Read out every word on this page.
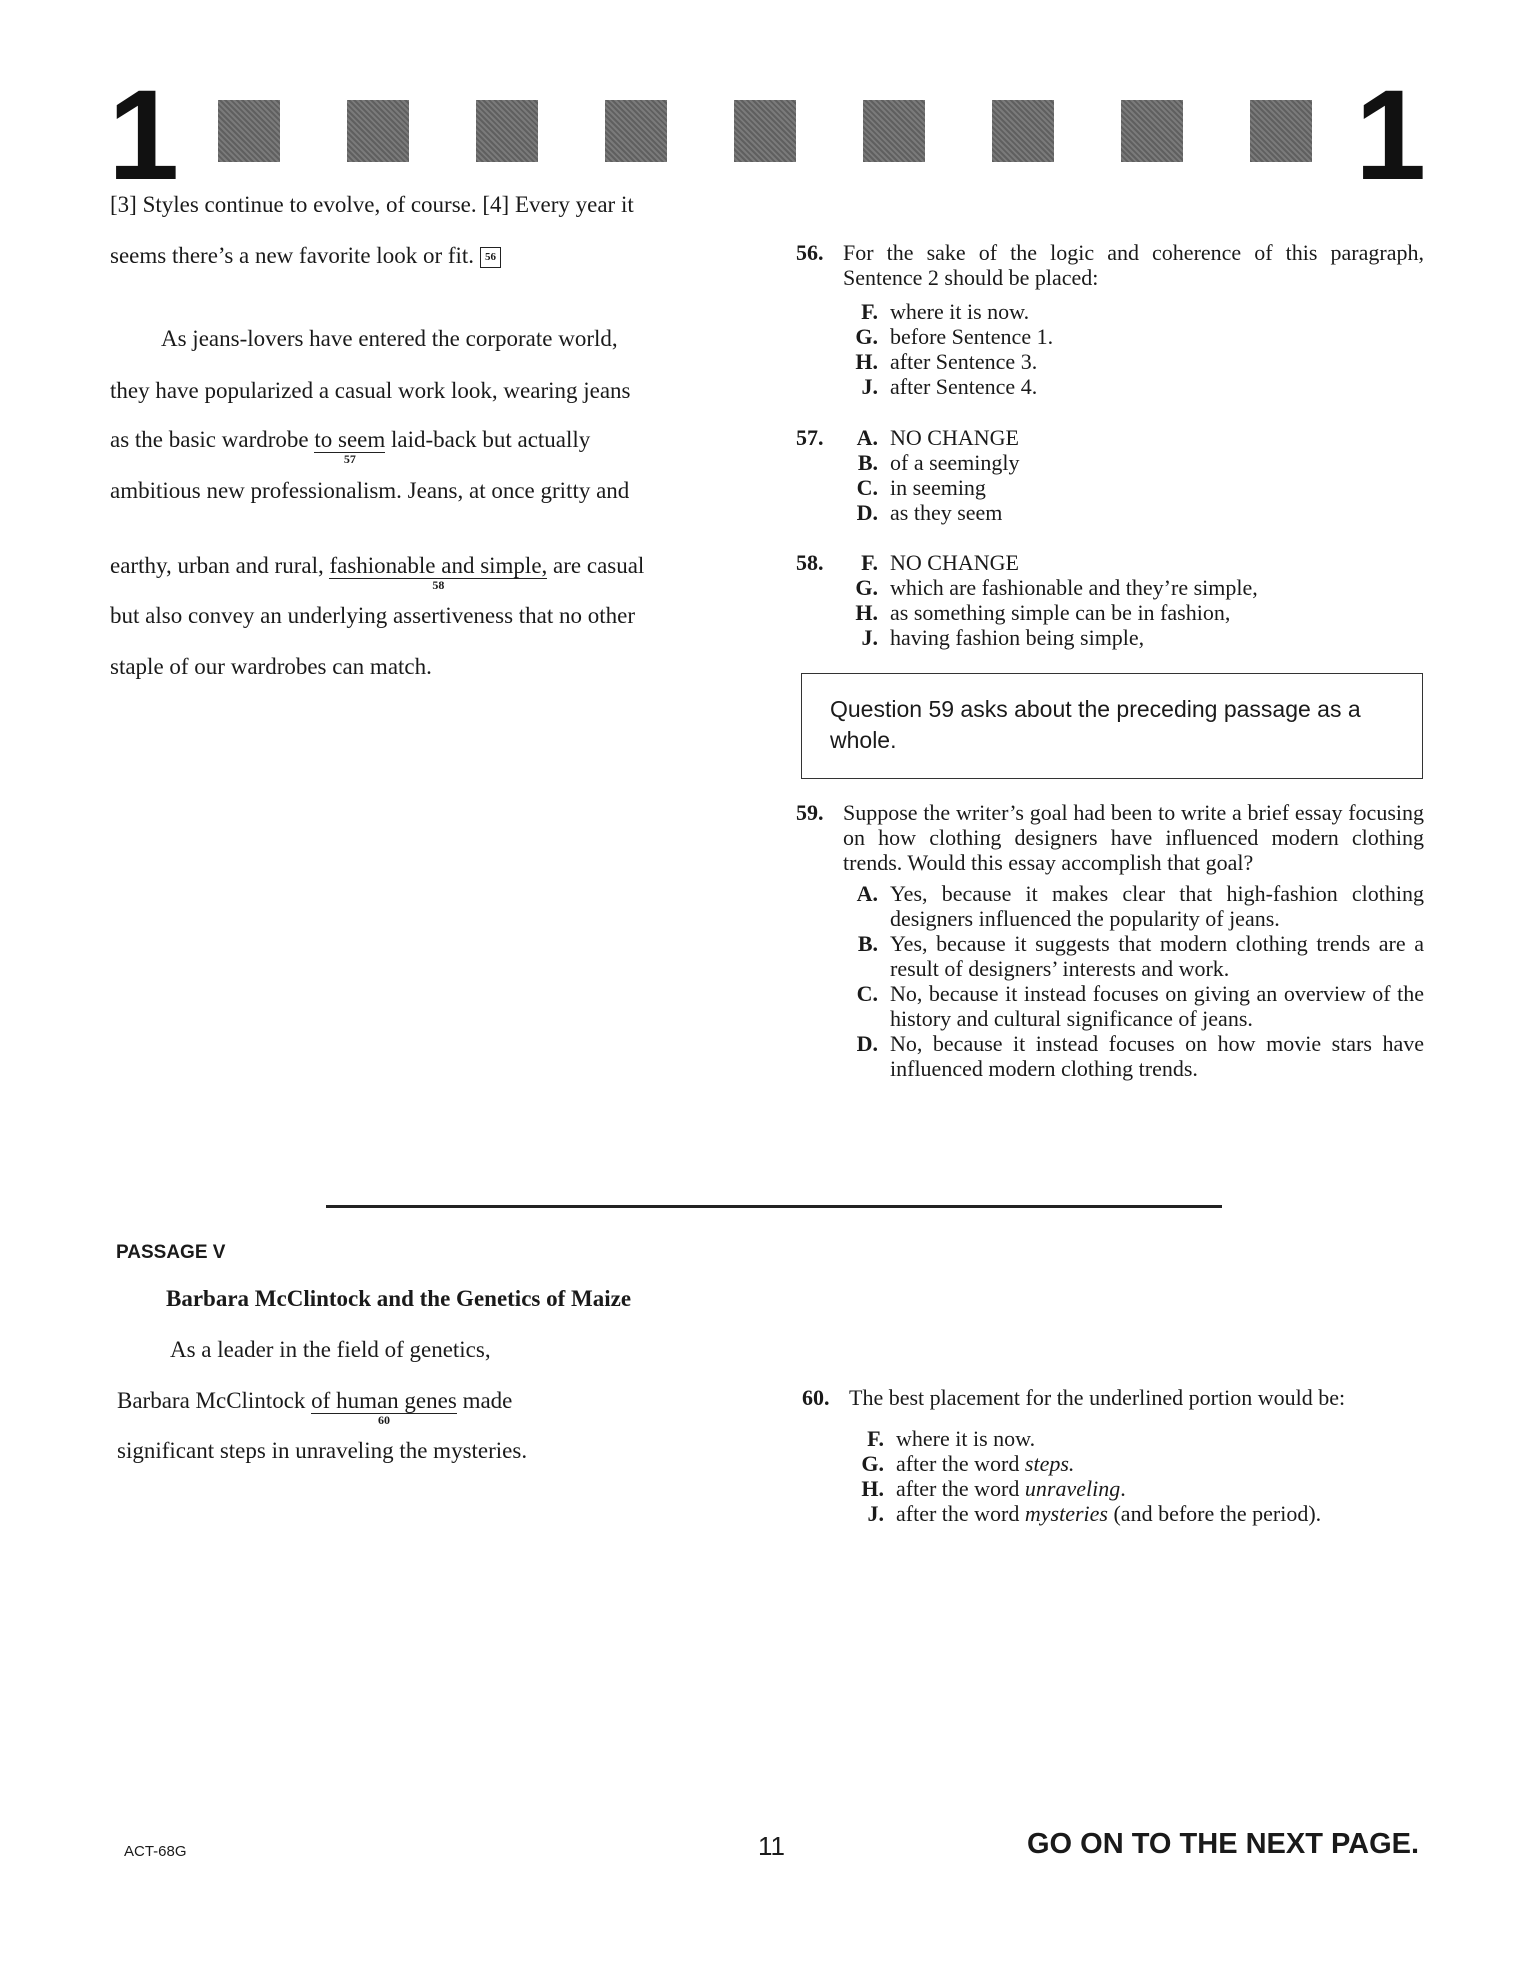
1	1
[3] Styles continue to evolve, of course. [4] Every year it
seems there’s a new favorite look or fit. 56
As jeans-lovers have entered the corporate world,
they have popularized a casual work look, wearing jeans
as the basic wardrobe to seem
57
laid-back but actually
ambitious new professionalism. Jeans, at once gritty and
earthy, urban and rural, fashionable and simple,
58
are casual
but also convey an underlying assertiveness that no other
staple of our wardrobes can match.
56. For the sake of the logic and coherence of this paragraph, Sentence 2 should be placed:
F. where it is now.
G. before Sentence 1.
H. after Sentence 3.
J. after Sentence 4.
57.	A. NO CHANGE
B. of a seemingly
C. in seeming
D. as they seem
58.	F. NO CHANGE
G. which are fashionable and they’re simple,
H. as something simple can be in fashion,
J. having fashion being simple,
Question 59 asks about the preceding passage as a whole.
59. Suppose the writer’s goal had been to write a brief essay focusing on how clothing designers have influenced modern clothing trends. Would this essay accomplish that goal?
A. Yes, because it makes clear that high-fashion clothing designers influenced the popularity of jeans.
B. Yes, because it suggests that modern clothing trends are a result of designers’ interests and work.
C. No, because it instead focuses on giving an overview of the history and cultural significance of jeans.
D. No, because it instead focuses on how movie stars have influenced modern clothing trends.
PASSAGE V
Barbara McClintock and the Genetics of Maize
As a leader in the field of genetics,
Barbara McClintock of human genes
60
made
significant steps in unraveling the mysteries.
60. The best placement for the underlined portion would be:
F. where it is now.
G. after the word steps.
H. after the word unraveling.
J. after the word mysteries (and before the period).
ACT-68G	11	GO ON TO THE NEXT PAGE.
